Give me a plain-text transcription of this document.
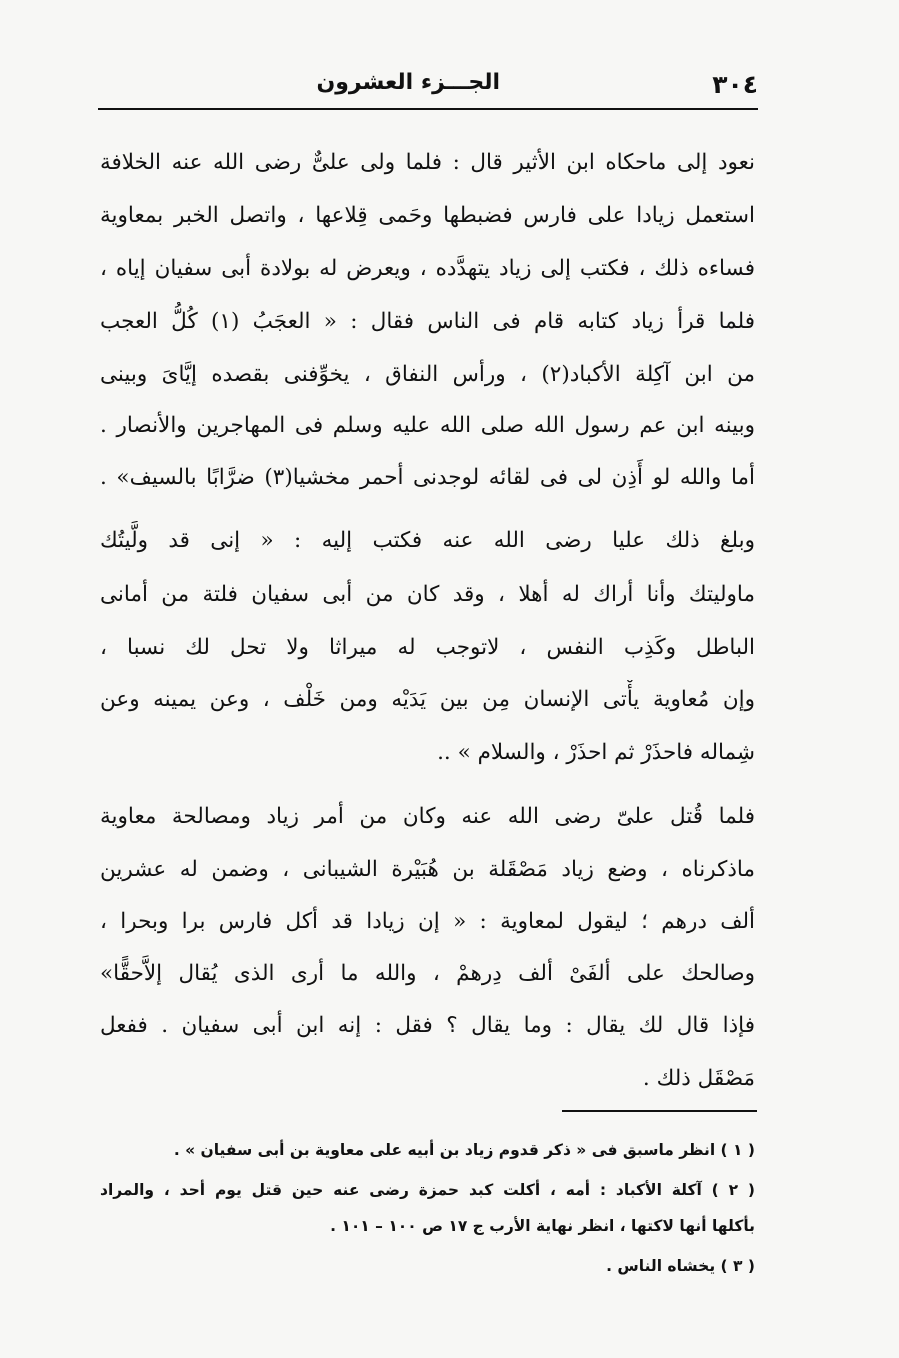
٣٠٤
الجـــزء العشرون
نعود إلى ماحكاه ابن الأثير قال : فلما ولى علىٌّ رضى الله عنه الخلافة
استعمل زيادا على فارس فضبطها وحَمى قِلاعها ، واتصل الخبر بمعاوية
فساءه ذلك ، فكتب إلى زياد يتهدَّده ، ويعرض له بولادة أبى سفيان إياه ،
فلما قرأ زياد كتابه قام فى الناس فقال : « العجَبُ (١) كُلُّ العجب
من ابن آكِلة الأكباد(٢) ، ورأس النفاق ، يخوِّفنى بقصده إيَّاىَ وبينى
وبينه ابن عم رسول الله صلى الله عليه وسلم فى المهاجرين والأنصار .
أما والله لو أَذِن لى فى لقائه لوجدنى أحمر مخشيا(٣) ضرَّابًا بالسيف» .
وبلغ ذلك عليا رضى الله عنه فكتب إليه : « إنى قد ولَّيتُك
ماوليتك وأنا أراك له أهلا ، وقد كان من أبى سفيان فلتة من أمانى
الباطل وكَذِب النفس ، لاتوجب له ميراثا ولا تحل لك نسبا ،
وإن مُعاوية يأْتى الإنسان مِن بين يَدَيْه ومن خَلْف ، وعن يمينه وعن
شِماله فاحذَرْ ثم احذَرْ ، والسلام » ..
فلما قُتل علىّ رضى الله عنه وكان من أمر زياد ومصالحة معاوية
ماذكرناه ، وضع زياد مَصْقَلة بن هُبَيْرة الشيبانى ، وضمن له عشرين
ألف درهم ؛ ليقول لمعاوية : « إن زيادا قد أكل فارس برا وبحرا ،
وصالحك على ألفَىْ ألف دِرهمْ ، والله ما أرى الذى يُقال إلاَّحقًّا»
فإذا قال لك يقال : وما يقال ؟ فقل : إنه ابن أبى سفيان . ففعل
مَصْقَل ذلك .
( ١ ) انظر ماسبق فى « ذكر قدوم زياد بن أبيه على معاوية بن أبى سفيان » .
( ٢ ) آكلة الأكباد : أمه ، أكلت كبد حمزة رضى عنه حين قتل يوم أحد ، والمراد
بأكلها أنها لاكتها ، انظر نهاية الأرب ج ١٧ ص ١٠٠ – ١٠١ .
( ٣ ) يخشاه الناس .
